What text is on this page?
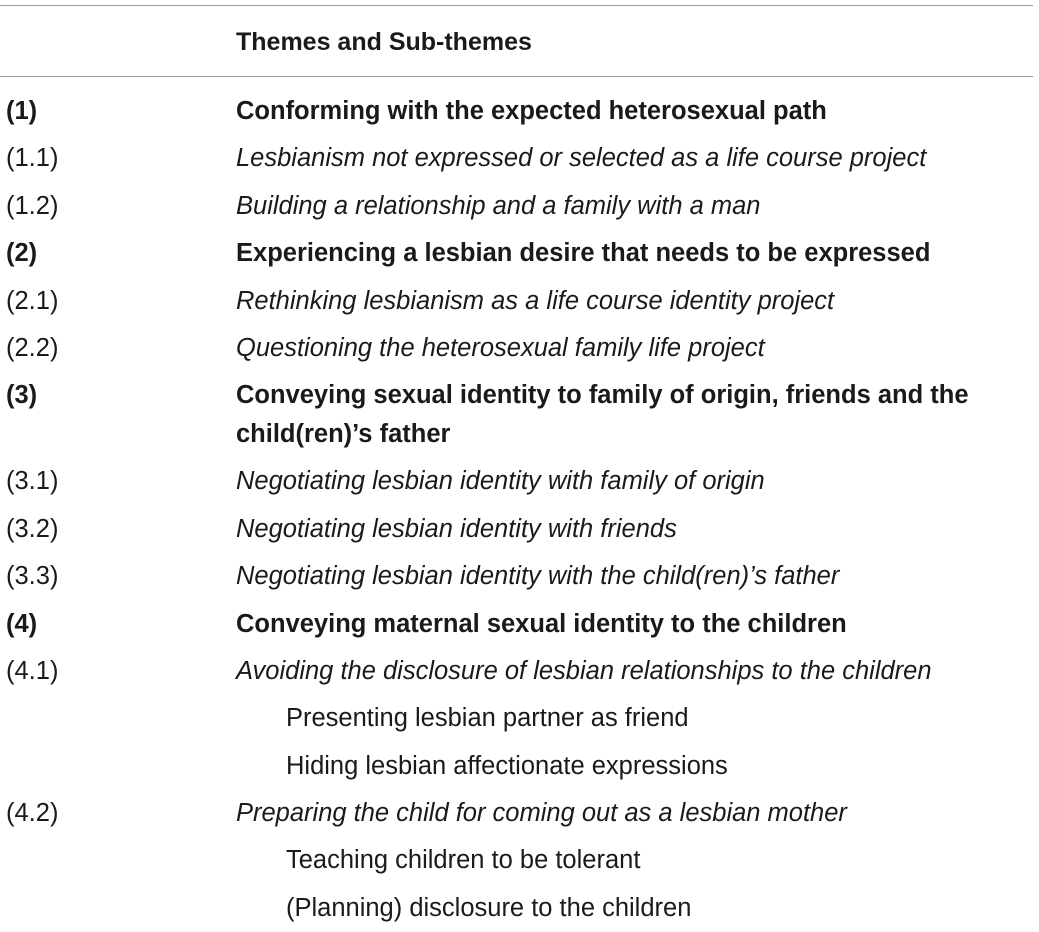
Themes and Sub-themes
(1)	Conforming with the expected heterosexual path
(1.1)	Lesbianism not expressed or selected as a life course project
(1.2)	Building a relationship and a family with a man
(2)	Experiencing a lesbian desire that needs to be expressed
(2.1)	Rethinking lesbianism as a life course identity project
(2.2)	Questioning the heterosexual family life project
(3)	Conveying sexual identity to family of origin, friends and the child(ren)’s father
(3.1)	Negotiating lesbian identity with family of origin
(3.2)	Negotiating lesbian identity with friends
(3.3)	Negotiating lesbian identity with the child(ren)’s father
(4)	Conveying maternal sexual identity to the children
(4.1)	Avoiding the disclosure of lesbian relationships to the children
Presenting lesbian partner as friend
Hiding lesbian affectionate expressions
(4.2)	Preparing the child for coming out as a lesbian mother
Teaching children to be tolerant
(Planning) disclosure to the children
